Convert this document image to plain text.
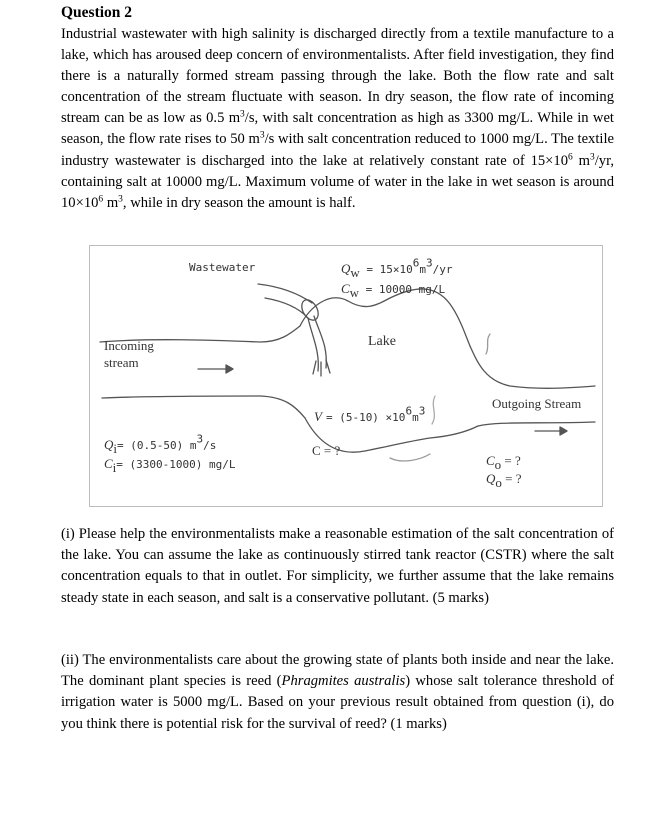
Question 2
Industrial wastewater with high salinity is discharged directly from a textile manufacture to a lake, which has aroused deep concern of environmentalists. After field investigation, they find there is a naturally formed stream passing through the lake. Both the flow rate and salt concentration of the stream fluctuate with season. In dry season, the flow rate of incoming stream can be as low as 0.5 $m^3/s$, with salt concentration as high as 3300 mg/L. While in wet season, the flow rate rises to 50 $m^3/s$ with salt concentration reduced to 1000 mg/L. The textile industry wastewater is discharged into the lake at relatively constant rate of $15\times 10^6$ $m^3/yr$, containing salt at 10000 mg/L. Maximum volume of water in the lake in wet season is around $10\times 10^6$ $m^3$, while in dry season the amount is half.
Wastewater	$Q_w = 15\times 10^6m^3/yr$
$C_w = 10000$ mg/L
Lake
Incoming
stream
Outgoing Stream
$V = (5-10) \times 10^6m^3$
$Q_i= (0.5-50)$ $m^3/s$
$C_i= (3300-1000)$ mg/L
C = ?
$C_o$ = ?
$Q_o$ = ?
(i) Please help the environmentalists make a reasonable estimation of the salt concentration of the lake. You can assume the lake as continuously stirred tank reactor (CSTR) where the salt concentration equals to that in outlet. For simplicity, we further assume that the lake remains steady state in each season, and salt is a conservative pollutant. (5 marks)
(ii) The environmentalists care about the growing state of plants both inside and near the lake. The dominant plant species is reed (Phragmites australis) whose salt tolerance threshold of irrigation water is 5000 mg/L. Based on your previous result obtained from question (i), do you think there is potential risk for the survival of reed? (1 marks)
